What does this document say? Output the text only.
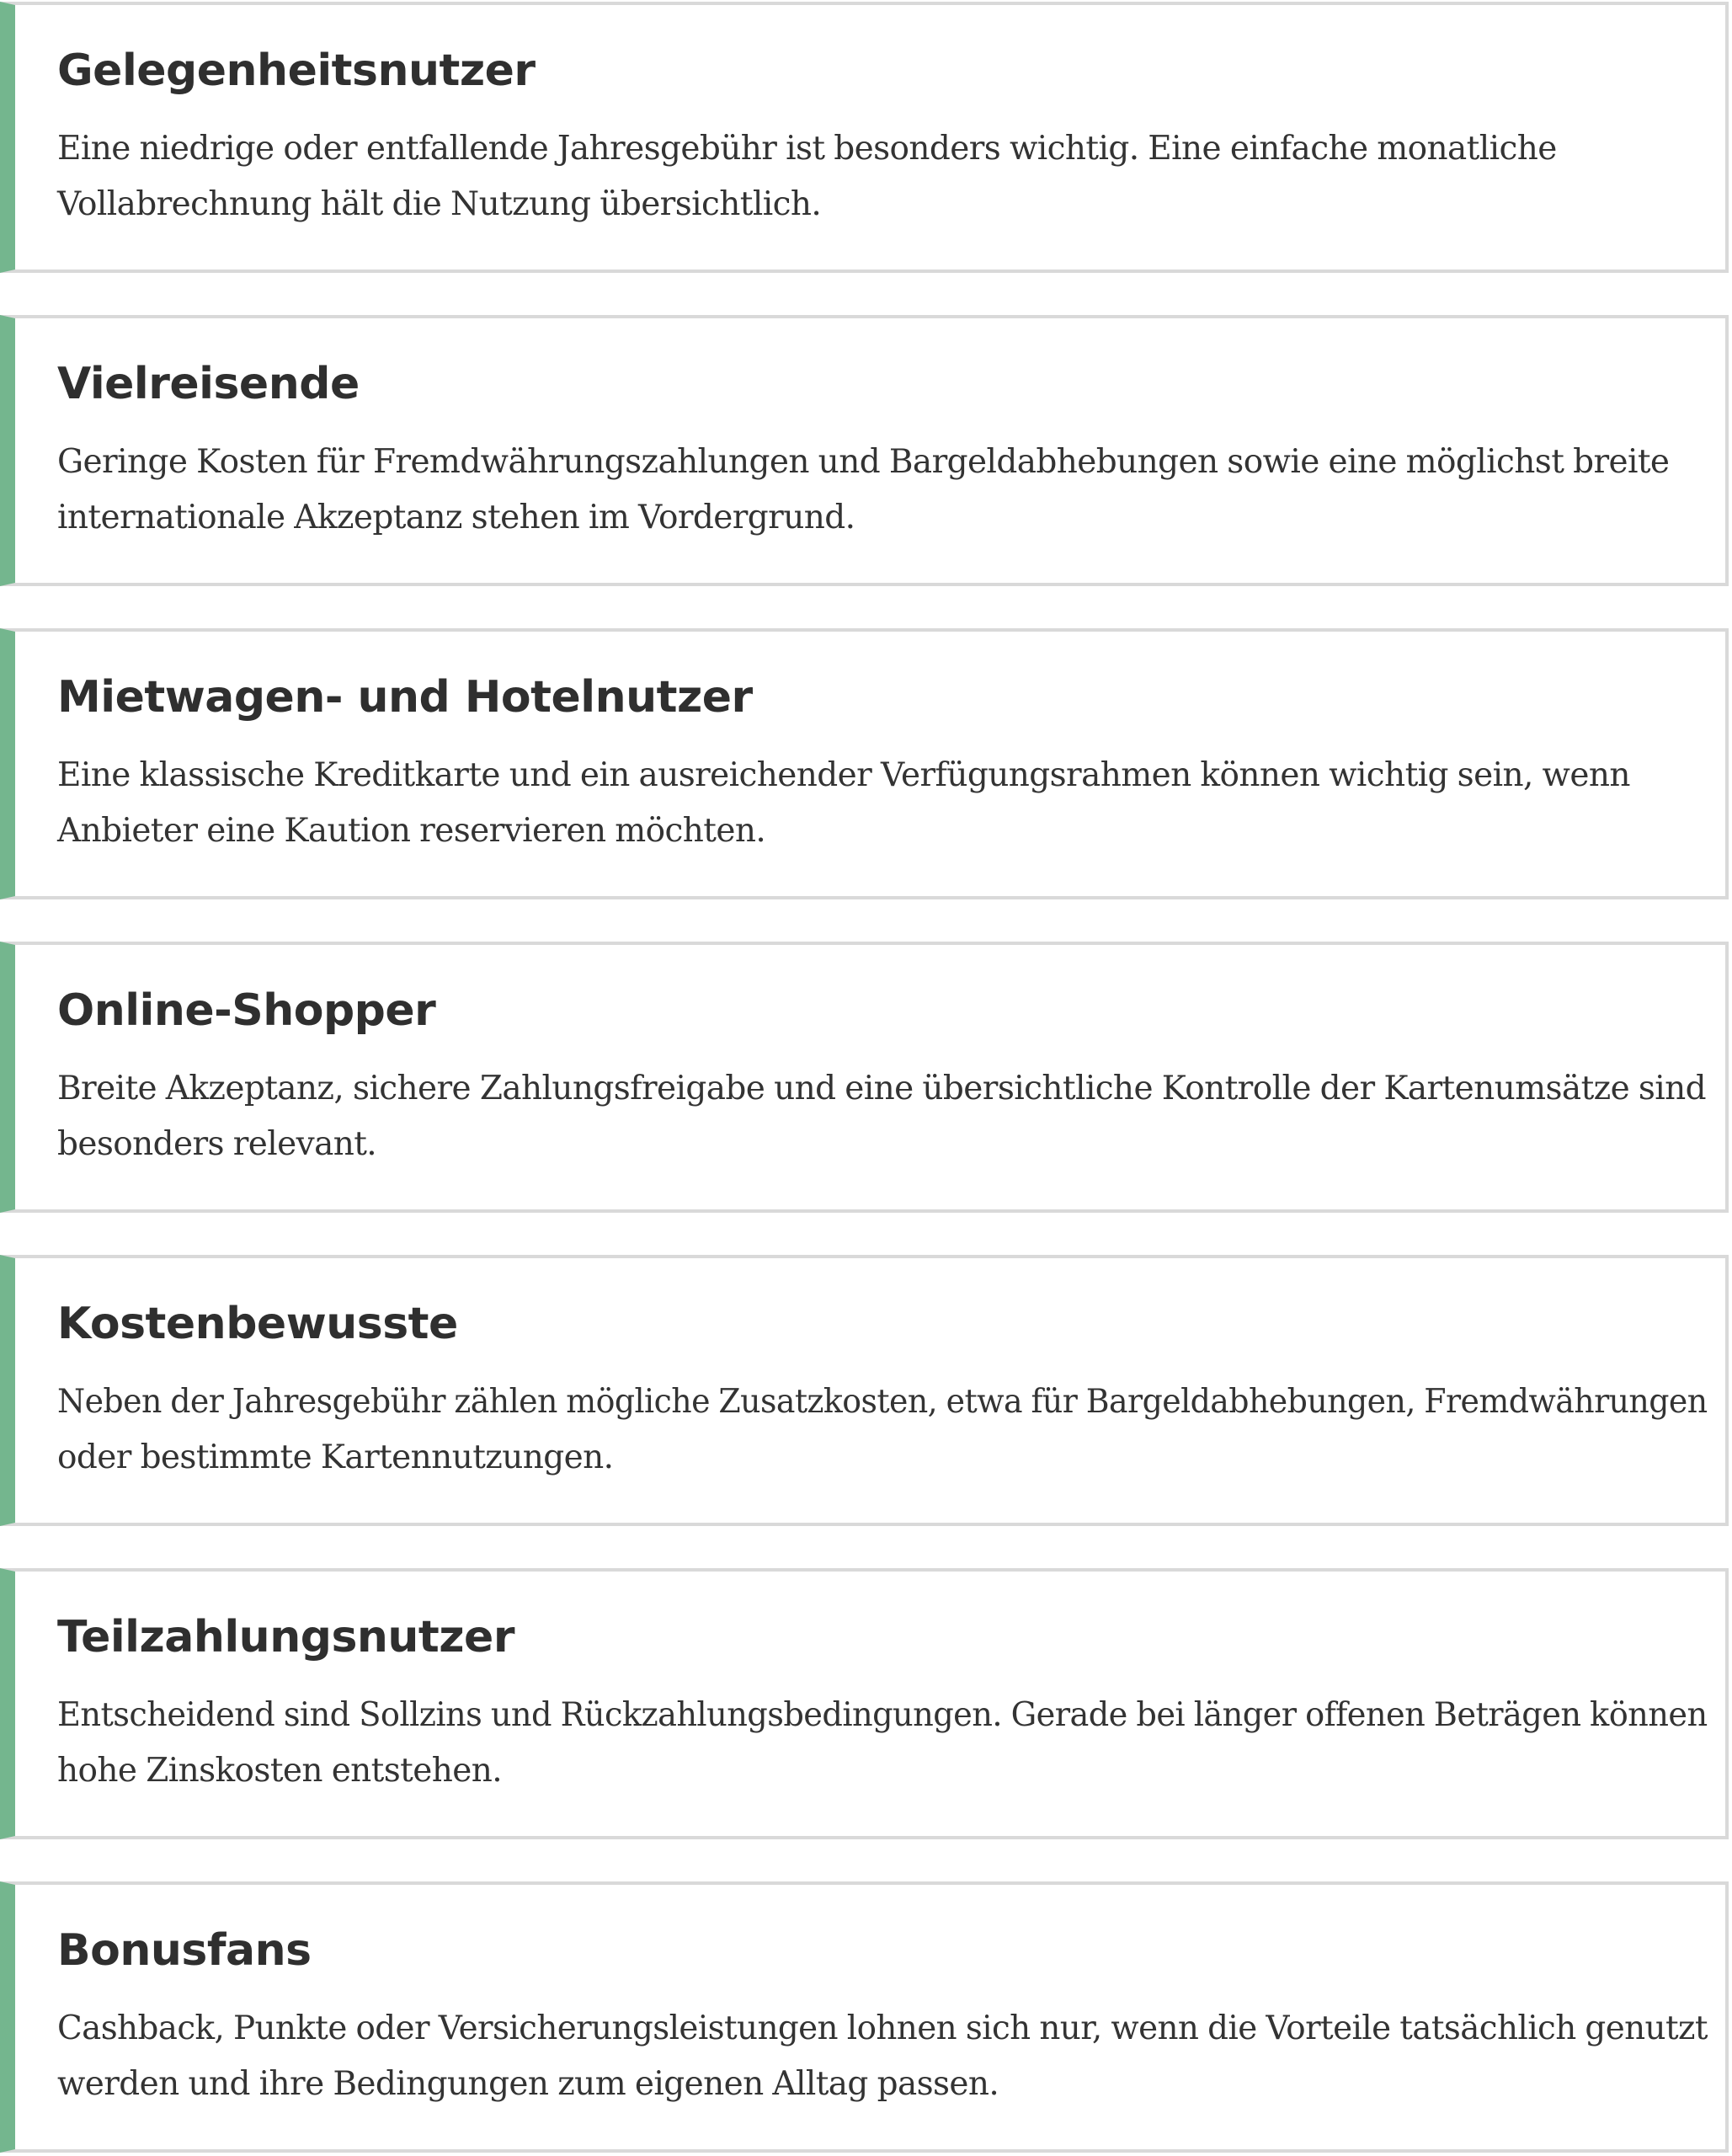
Gelegenheitsnutzer

Eine niedrige oder entfallende Jahresgebühr ist besonders wichtig. Eine einfache monatliche
Vollabrechnung hält die Nutzung übersichtlich.

Vielreisende

Geringe Kosten für Fremdwährungszahlungen und Bargeldabhebungen sowie eine möglichst breite
internationale Akzeptanz stehen im Vordergrund.

Mietwagen- und Hotelnutzer

Eine klassische Kreditkarte und ein ausreichender Verfügungsrahmen können wichtig sein, wenn
Anbieter eine Kaution reservieren möchten.

Online-Shopper

Breite Akzeptanz, sichere Zahlungsfreigabe und eine übersichtliche Kontrolle der Kartenumsätze sind
besonders relevant.

Kostenbewusste

Neben der Jahresgebühr zählen mögliche Zusatzkosten, etwa für Bargeldabhebungen, Fremdwährungen
oder bestimmte Kartennutzungen.

Teilzahlungsnutzer

Entscheidend sind Sollzins und Rückzahlungsbedingungen. Gerade bei länger offenen Beträgen können
hohe Zinskosten entstehen.

Bonusfans

Cashback, Punkte oder Versicherungsleistungen lohnen sich nur, wenn die Vorteile tatsächlich genutzt
werden und ihre Bedingungen zum eigenen Alltag passen.
